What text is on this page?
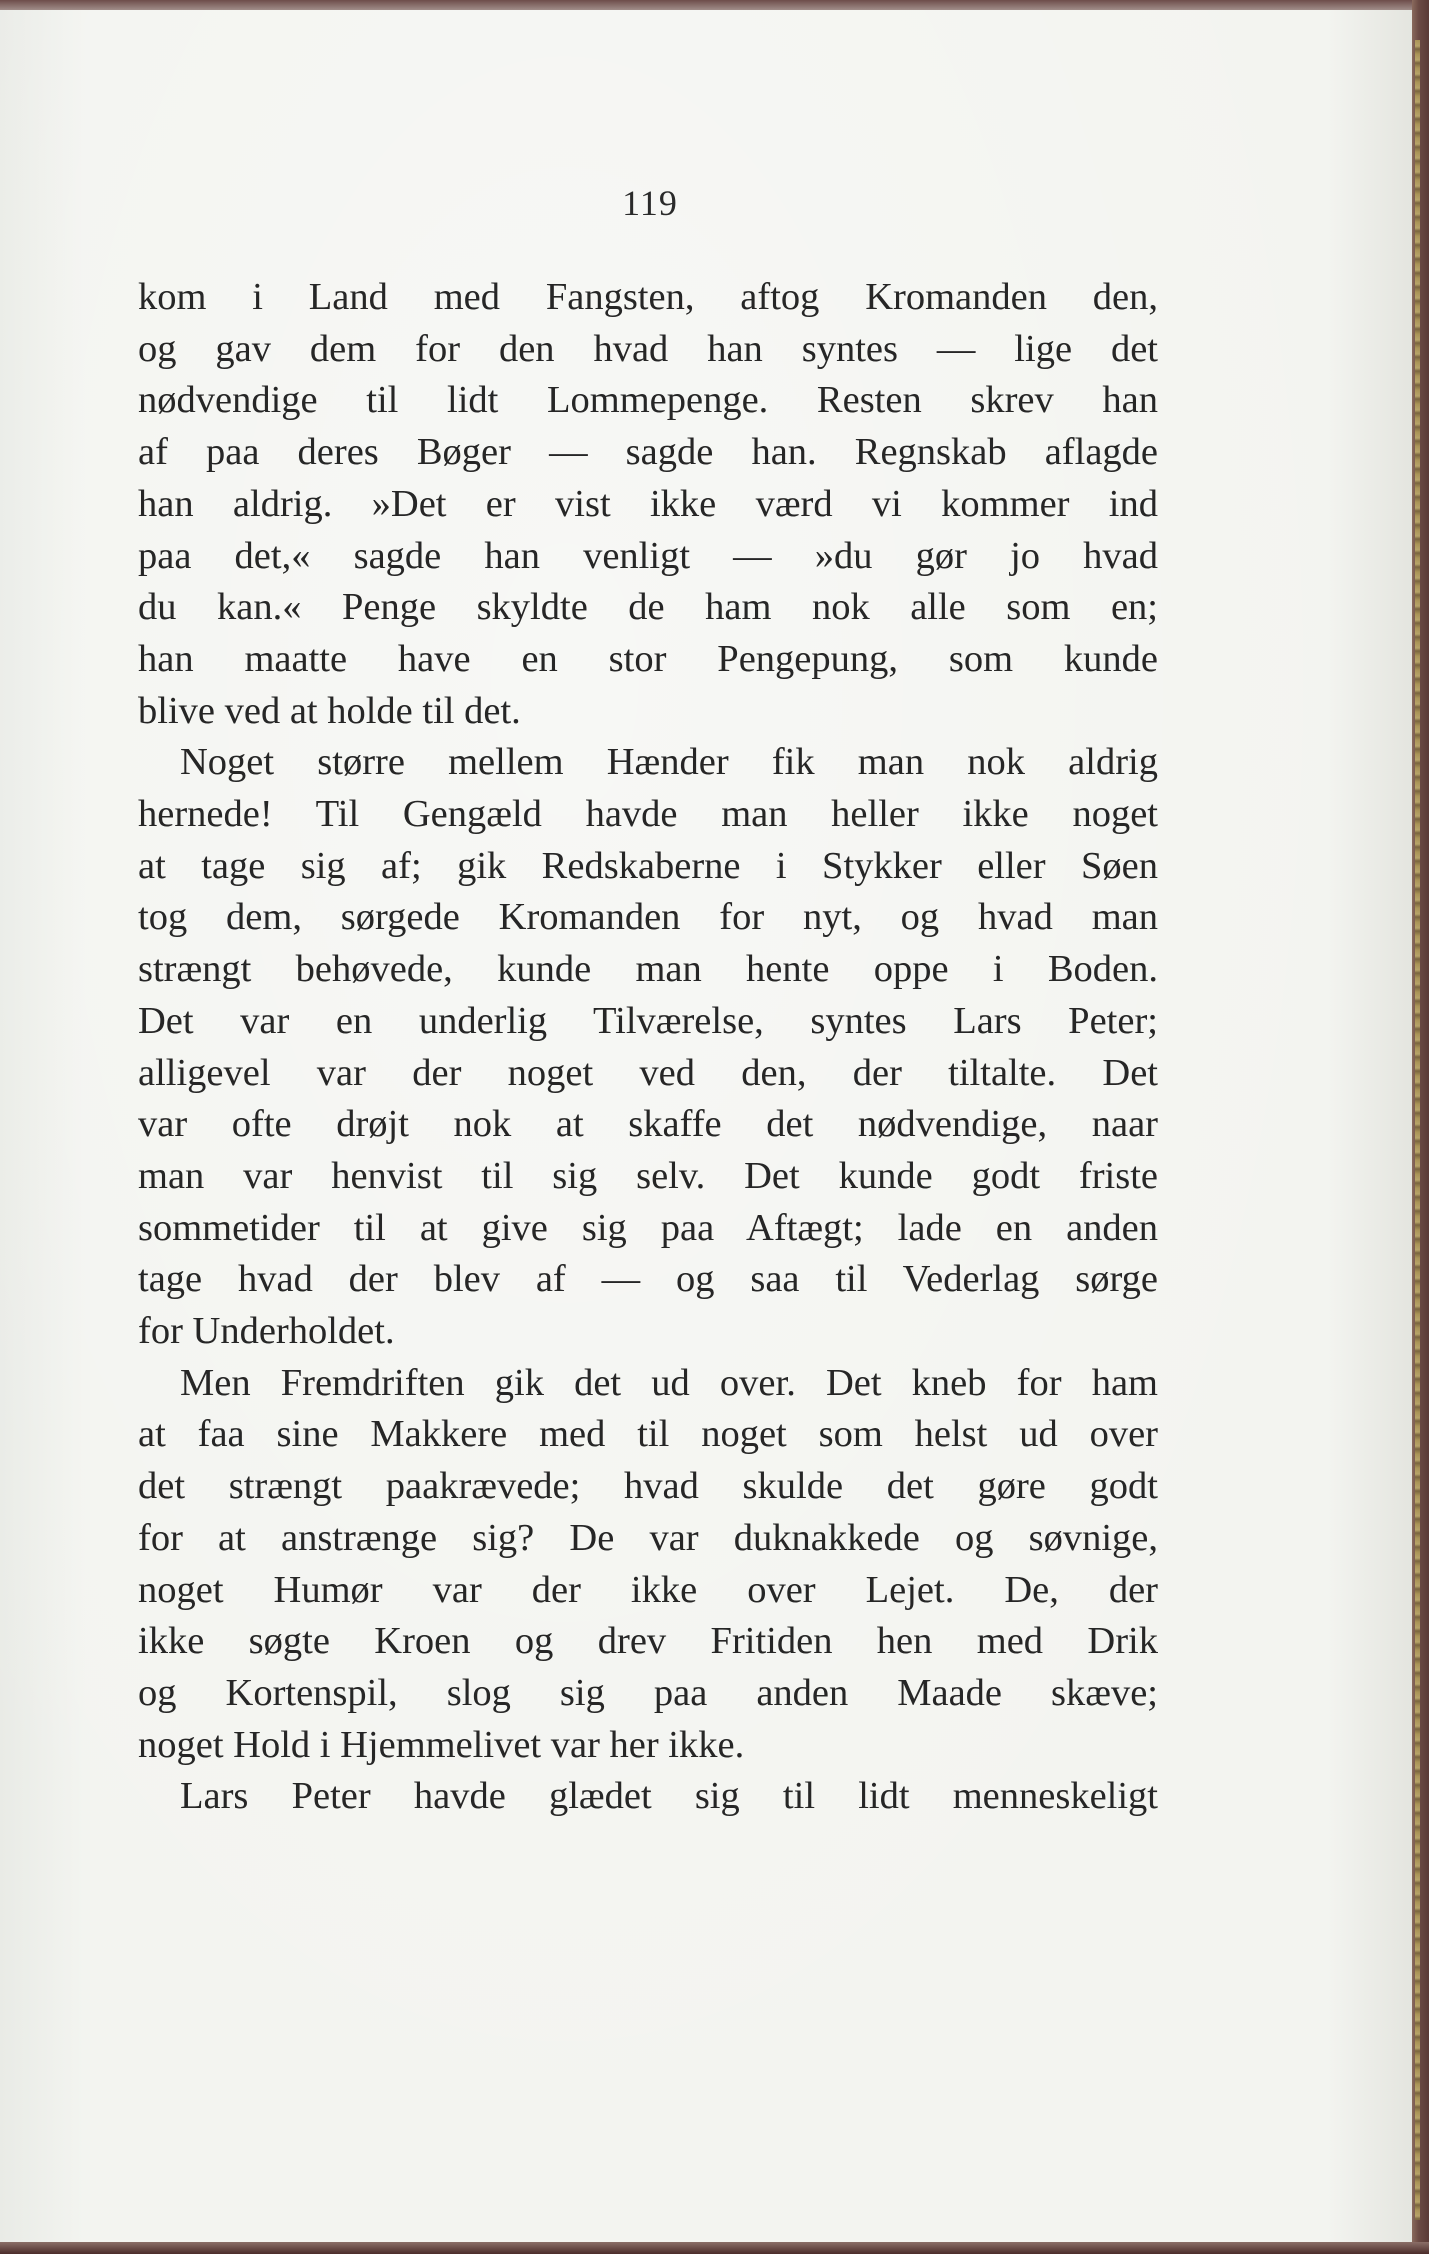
119
kom i Land med Fangsten, aftog Kromanden den,
og gav dem for den hvad han syntes — lige det
nødvendige til lidt Lommepenge. Resten skrev han
af paa deres Bøger — sagde han. Regnskab aflagde
han aldrig. »Det er vist ikke værd vi kommer ind
paa det,« sagde han venligt — »du gør jo hvad
du kan.« Penge skyldte de ham nok alle som en;
han maatte have en stor Pengepung, som kunde
blive ved at holde til det.
Noget større mellem Hænder fik man nok aldrig
hernede! Til Gengæld havde man heller ikke noget
at tage sig af; gik Redskaberne i Stykker eller Søen
tog dem, sørgede Kromanden for nyt, og hvad man
strængt behøvede, kunde man hente oppe i Boden.
Det var en underlig Tilværelse, syntes Lars Peter;
alligevel var der noget ved den, der tiltalte. Det
var ofte drøjt nok at skaffe det nødvendige, naar
man var henvist til sig selv. Det kunde godt friste
sommetider til at give sig paa Aftægt; lade en anden
tage hvad der blev af — og saa til Vederlag sørge
for Underholdet.
Men Fremdriften gik det ud over. Det kneb for ham
at faa sine Makkere med til noget som helst ud over
det strængt paakrævede; hvad skulde det gøre godt
for at anstrænge sig? De var duknakkede og søvnige,
noget Humør var der ikke over Lejet. De, der
ikke søgte Kroen og drev Fritiden hen med Drik
og Kortenspil, slog sig paa anden Maade skæve;
noget Hold i Hjemmelivet var her ikke.
Lars Peter havde glædet sig til lidt menneskeligt
